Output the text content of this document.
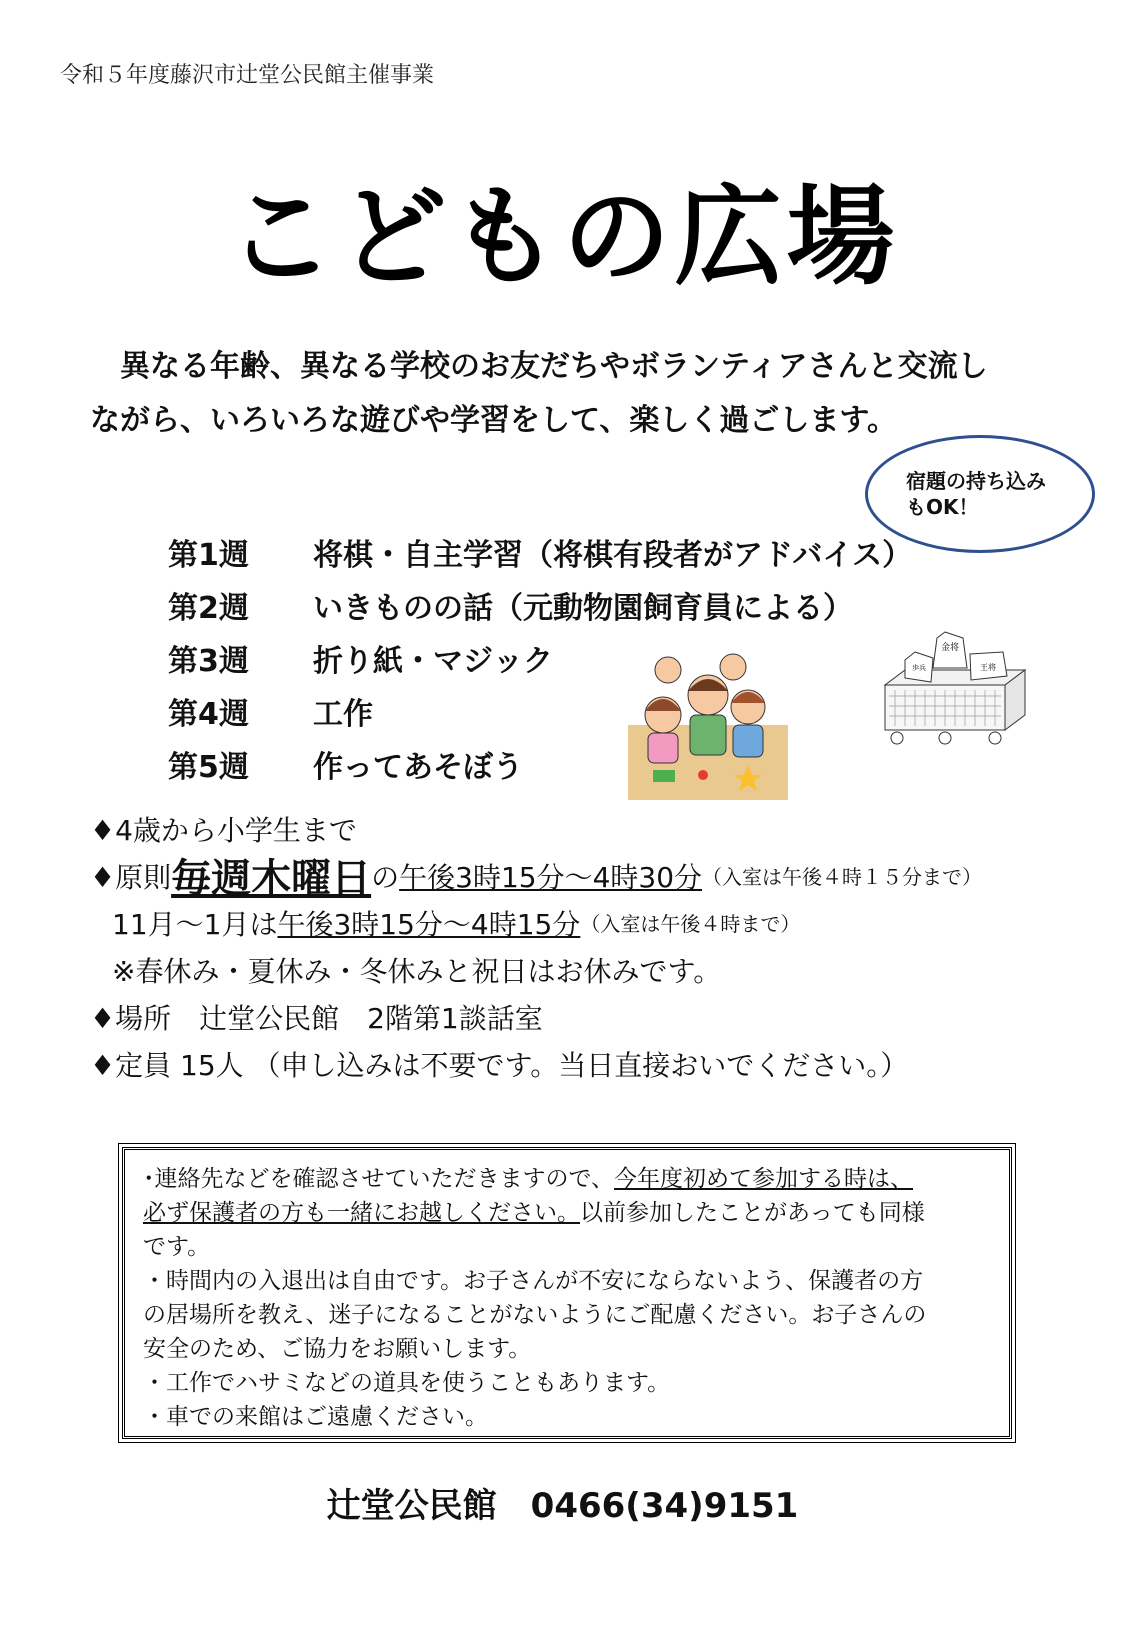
令和５年度藤沢市辻堂公民館主催事業
こどもの広場
　異なる年齢、異なる学校のお友だちやボランティアさんと交流し
ながら、いろいろな遊びや学習をして、楽しく過ごします。
宿題の持ち込み
もOK！
第1週	将棋・自主学習（将棋有段者がアドバイス）
第2週	いきものの話（元動物園飼育員による）
第3週	折り紙・マジック
第4週	工作
第5週	作ってあそぼう
金将
歩兵	王将
♦4歳から小学生まで
♦原則 毎週木曜日 の 午後3時15分～4時30分 （入室は午後４時１５分まで）
11月～1月は 午後3時15分～4時15分 （入室は午後４時まで）
※春休み・夏休み・冬休みと祝日はお休みです。
♦場所　辻堂公民館　2階第1談話室
♦定員 15人 （申し込みは不要です。当日直接おいでください。）
･連絡先などを確認させていただきますので、今年度初めて参加する時は、
必ず保護者の方も一緒にお越しください。以前参加したことがあっても同様
です。
・時間内の入退出は自由です。お子さんが不安にならないよう、保護者の方
の居場所を教え、迷子になることがないようにご配慮ください。お子さんの
安全のため、ご協力をお願いします。
・工作でハサミなどの道具を使うこともあります。
・車での来館はご遠慮ください。
辻堂公民館　0466(34)9151
